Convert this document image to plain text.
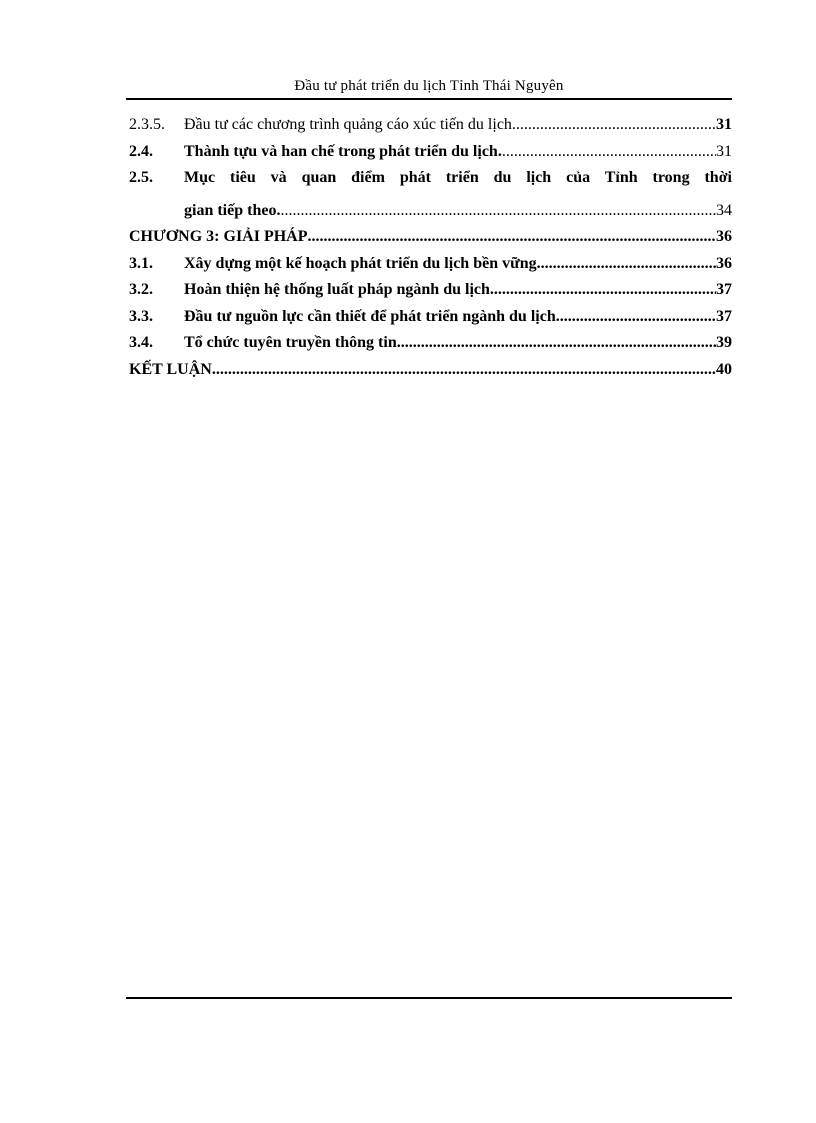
Đầu tư phát triển du lịch Tỉnh Thái Nguyên
2.3.5.	Đầu tư các chương trình quảng cáo xúc tiến du lịch. .....	31
2.4.	Thành tựu và han chế trong phát triển du lịch. .....	31
2.5.	Mục tiêu và quan điểm phát triển du lịch của Tỉnh trong thời
gian tiếp theo. .....	34
CHƯƠNG 3: GIẢI PHÁP .....	36
3.1.	Xây dựng một kế hoạch phát triển du lịch bền vững .....	36
3.2.	Hoàn thiện hệ thống luất pháp ngành du lịch. .....	37
3.3.	Đầu tư nguồn lực cần thiết để phát triển ngành du lịch .....	37
3.4.	Tổ chức tuyên truyền thông tin .....	39
KẾT LUẬN .....	40
